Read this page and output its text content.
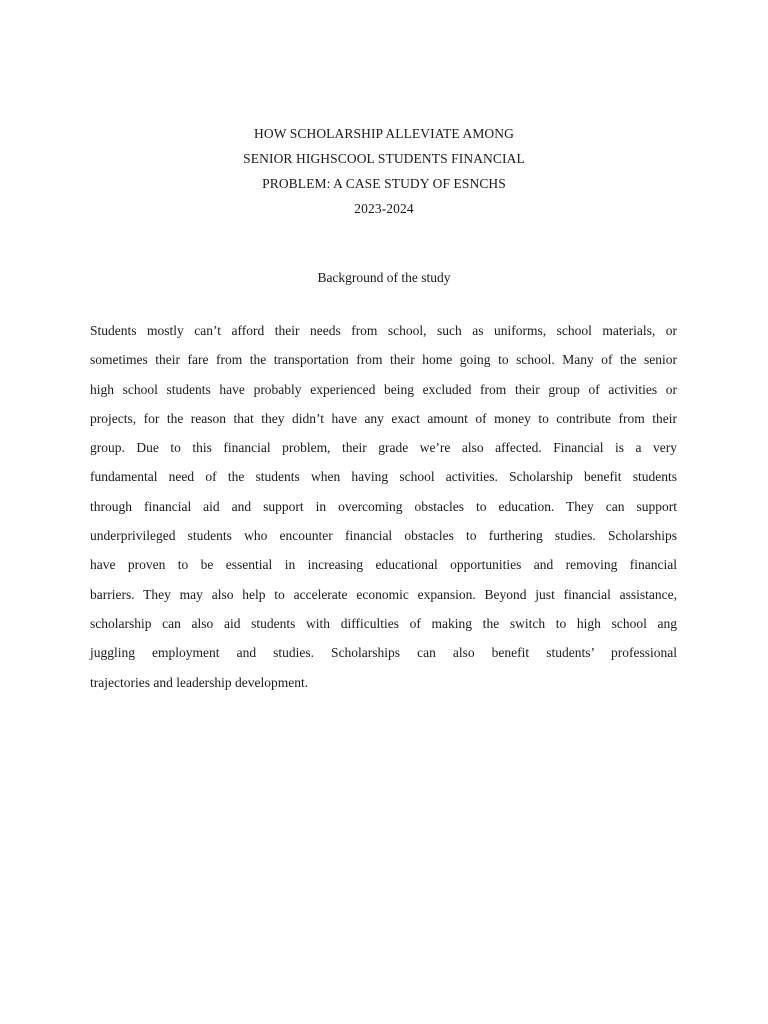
HOW SCHOLARSHIP ALLEVIATE AMONG
SENIOR HIGHSCOOL STUDENTS FINANCIAL
PROBLEM: A CASE STUDY OF ESNCHS
2023-2024
Background of the study
Students mostly can’t afford their needs from school, such as uniforms, school materials, or
sometimes their fare from the transportation from their home going to school. Many of the senior
high school students have probably experienced being excluded from their group of activities or
projects, for the reason that they didn’t have any exact amount of money to contribute from their
group. Due to this financial problem, their grade we’re also affected. Financial is a very
fundamental need of the students when having school activities. Scholarship benefit students
through financial aid and support in overcoming obstacles to education. They can support
underprivileged students who encounter financial obstacles to furthering studies. Scholarships
have proven to be essential in increasing educational opportunities and removing financial
barriers. They may also help to accelerate economic expansion. Beyond just financial assistance,
scholarship can also aid students with difficulties of making the switch to high school ang
juggling employment and studies. Scholarships can also benefit students’ professional
trajectories and leadership development.
